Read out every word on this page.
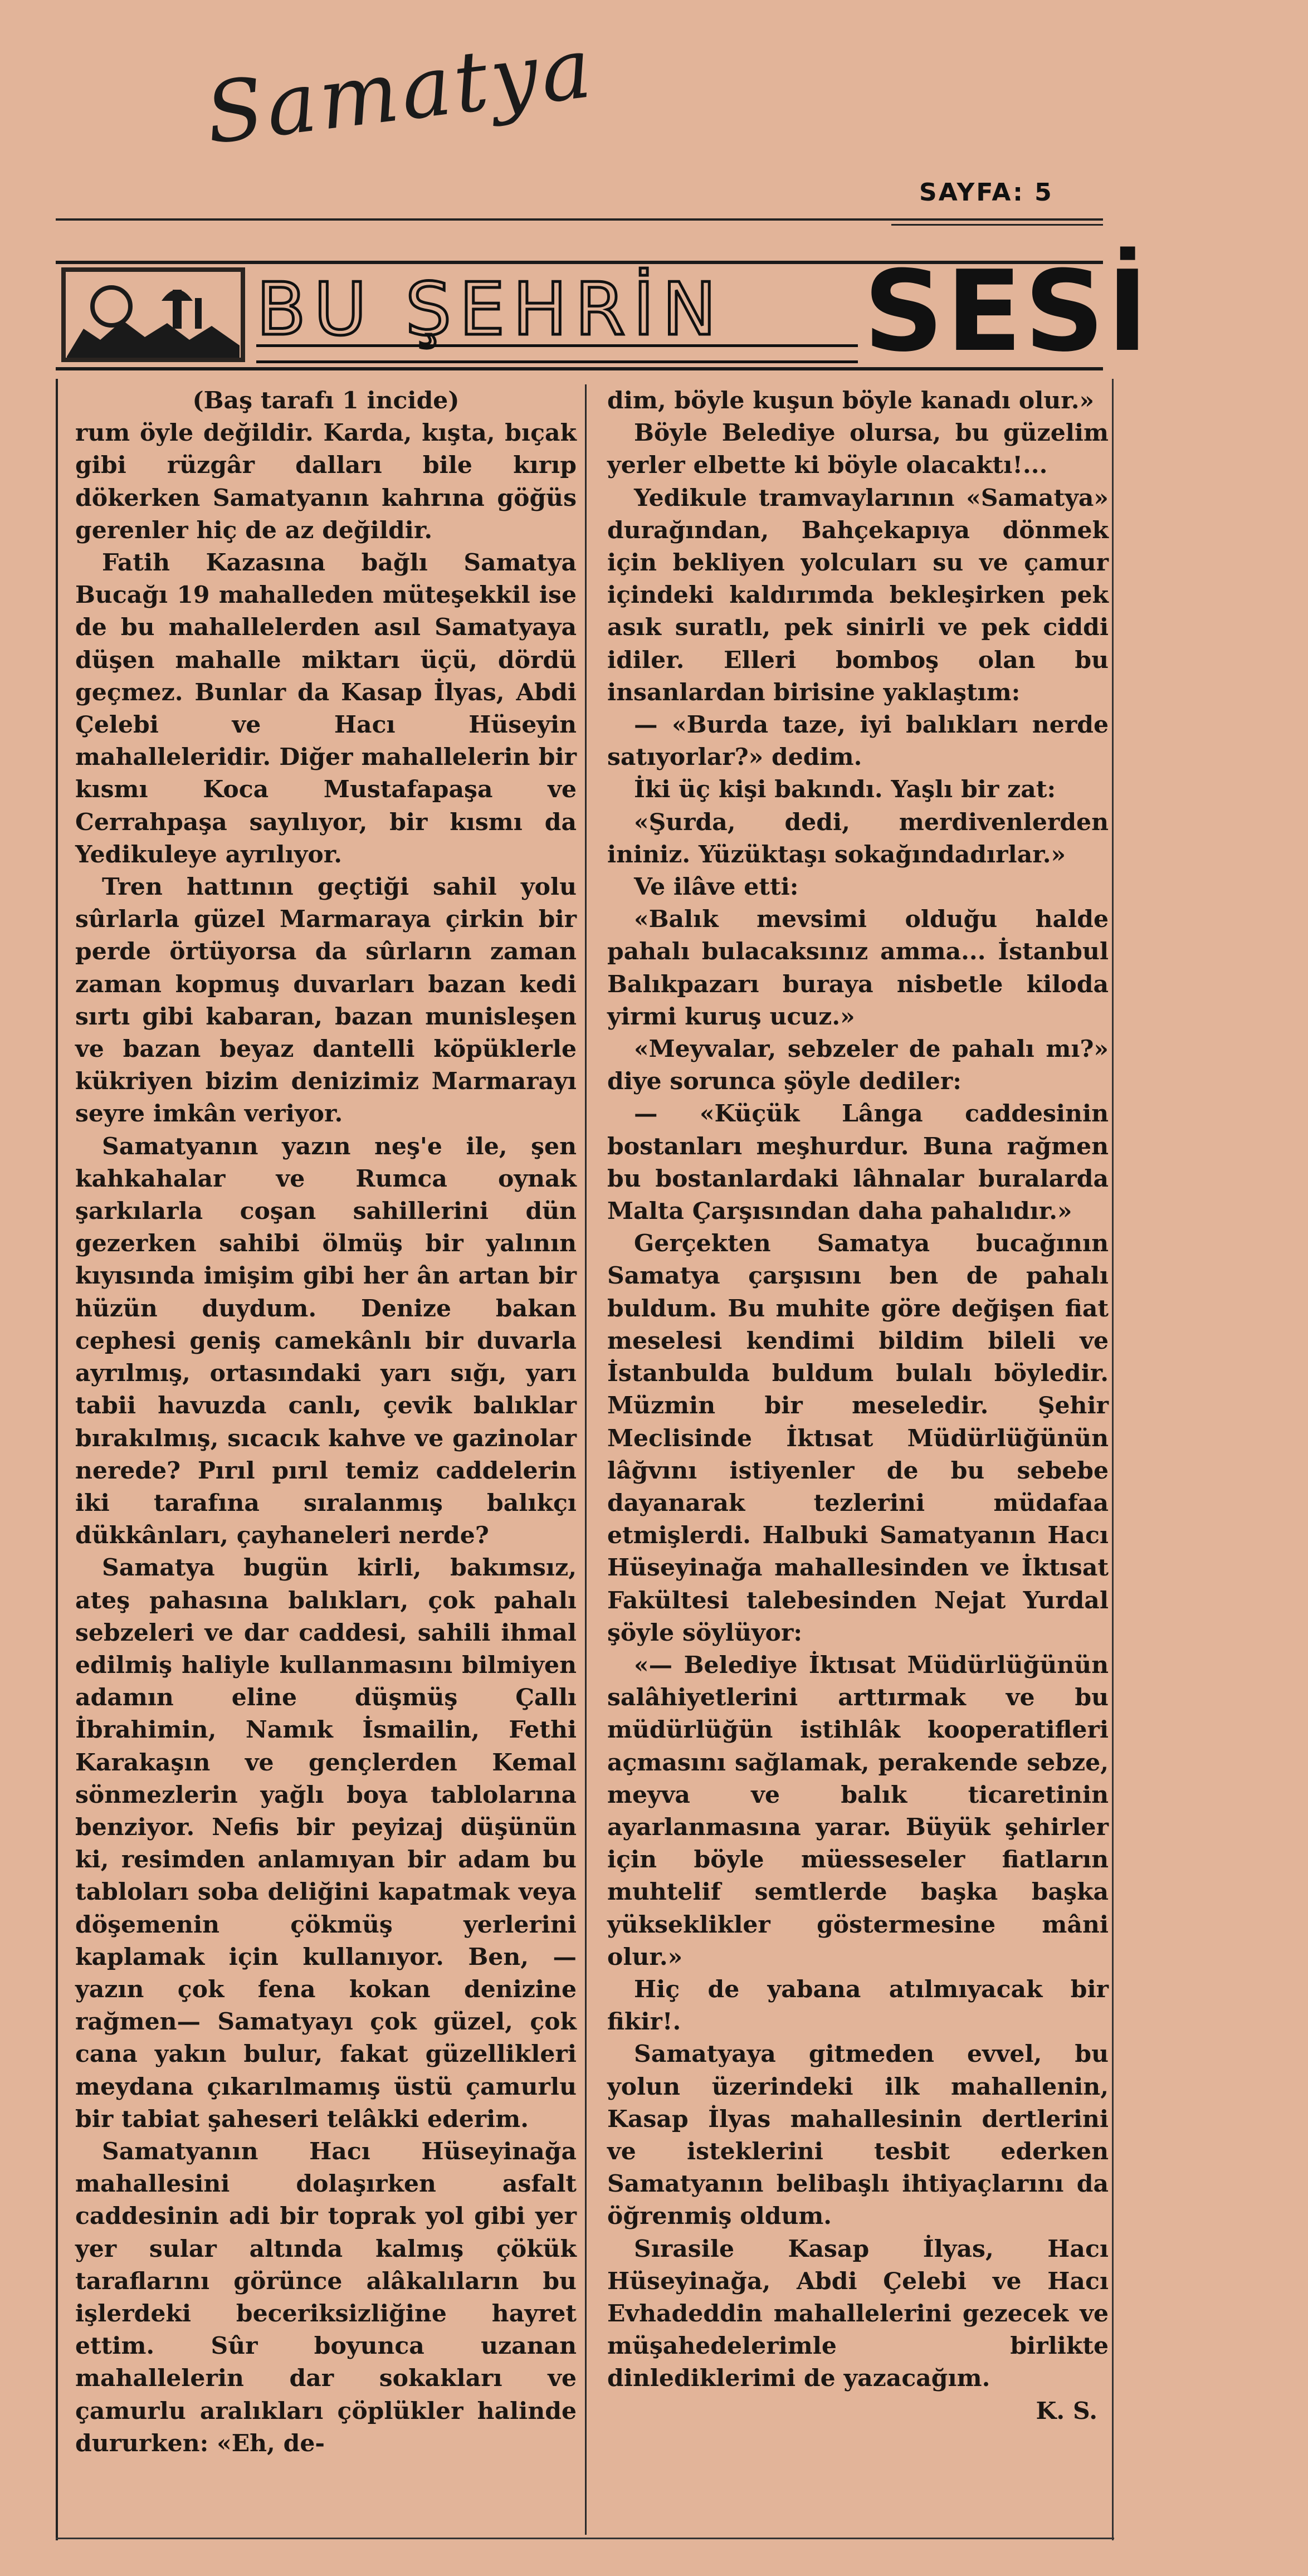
Samatya
SAYFA: 5
BU ŞEHRİN SESİ

(Baş tarafı 1 incide)

rum öyle değildir. Karda, kışta, bıçak gibi rüzgâr dalları bile kırıp dökerken Samatyanın kahrına göğüs gerenler hiç de az değildir.

Fatih Kazasına bağlı Samatya Bucağı 19 mahalleden müteşekkil ise de bu mahallelerden asıl Samatyaya düşen mahalle miktarı üçü, dördü geçmez. Bunlar da Kasap İlyas, Abdi Çelebi ve Hacı Hüseyin mahalleleridir. Diğer mahallelerin bir kısmı Koca Mustafapaşa ve Cerrahpaşa sayılıyor, bir kısmı da Yedikuleye ayrılıyor.

Tren hattının geçtiği sahil yolu sûrlarla güzel Marmaraya çirkin bir perde örtüyorsa da sûrların zaman zaman kopmuş duvarları bazan kedi sırtı gibi kabaran, bazan munisleşen ve bazan beyaz dantelli köpüklerle kükriyen bizim denizimiz Marmarayı seyre imkân veriyor.

Samatyanın yazın neş'e ile, şen kahkahalar ve Rumca oynak şarkılarla coşan sahillerini dün gezerken sahibi ölmüş bir yalının kıyısında imişim gibi her ân artan bir hüzün duydum. Denize bakan cephesi geniş camekânlı bir duvarla ayrılmış, ortasındaki yarı sığı, yarı tabii havuzda canlı, çevik balıklar bırakılmış, sıcacık kahve ve gazinolar nerede? Pırıl pırıl temiz caddelerin iki tarafına sıralanmış balıkçı dükkânları, çayhaneleri nerde?

Samatya bugün kirli, bakımsız, ateş pahasına balıkları, çok pahalı sebzeleri ve dar caddesi, sahili ihmal edilmiş haliyle kullanmasını bilmiyen adamın eline düşmüş Çallı İbrahimin, Namık İsmailin, Fethi Karakaşın ve gençlerden Kemal sönmezlerin yağlı boya tablolarına benziyor. Nefis bir peyizaj düşünün ki, resimden anlamıyan bir adam bu tabloları soba deliğini kapatmak veya döşemenin çökmüş yerlerini kaplamak için kullanıyor. Ben, —yazın çok fena kokan denizine rağmen— Samatyayı çok güzel, çok cana yakın bulur, fakat güzellikleri meydana çıkarılmamış üstü çamurlu bir tabiat şaheseri telâkki ederim.

Samatyanın Hacı Hüseyinağa mahallesini dolaşırken asfalt caddesinin adi bir toprak yol gibi yer yer sular altında kalmış çökük taraflarını görünce alâkalıların bu işlerdeki beceriksizliğine hayret ettim. Sûr boyunca uzanan mahallelerin dar sokakları ve çamurlu aralıkları çöplükler halinde dururken: «Eh, de-

dim, böyle kuşun böyle kanadı olur.»

Böyle Belediye olursa, bu güzelim yerler elbette ki böyle olacaktı!...

Yedikule tramvaylarının «Samatya» durağından, Bahçekapıya dönmek için bekliyen yolcuları su ve çamur içindeki kaldırımda bekleşirken pek asık suratlı, pek sinirli ve pek ciddi idiler. Elleri bomboş olan bu insanlardan birisine yaklaştım:

— «Burda taze, iyi balıkları nerde satıyorlar?» dedim.

İki üç kişi bakındı. Yaşlı bir zat:

«Şurda, dedi, merdivenlerden ininiz. Yüzüktaşı sokağındadırlar.»

Ve ilâve etti:

«Balık mevsimi olduğu halde pahalı bulacaksınız amma... İstanbul Balıkpazarı buraya nisbetle kiloda yirmi kuruş ucuz.»

«Meyvalar, sebzeler de pahalı mı?» diye sorunca şöyle dediler:

— «Küçük Lânga caddesinin bostanları meşhurdur. Buna rağmen bu bostanlardaki lâhnalar buralarda Malta Çarşısından daha pahalıdır.»

Gerçekten Samatya bucağının Samatya çarşısını ben de pahalı buldum. Bu muhite göre değişen fiat meselesi kendimi bildim bileli ve İstanbulda buldum bulalı böyledir. Müzmin bir meseledir. Şehir Meclisinde İktısat Müdürlüğünün lâğvını istiyenler de bu sebebe dayanarak tezlerini müdafaa etmişlerdi. Halbuki Samatyanın Hacı Hüseyinağa mahallesinden ve İktısat Fakültesi talebesinden Nejat Yurdal şöyle söylüyor:

«— Belediye İktısat Müdürlüğünün salâhiyetlerini arttırmak ve bu müdürlüğün istihlâk kooperatifleri açmasını sağlamak, perakende sebze, meyva ve balık ticaretinin ayarlanmasına yarar. Büyük şehirler için böyle müesseseler fiatların muhtelif semtlerde başka başka yükseklikler göstermesine mâni olur.»

Hiç de yabana atılmıyacak bir fikir!.

Samatyaya gitmeden evvel, bu yolun üzerindeki ilk mahallenin, Kasap İlyas mahallesinin dertlerini ve isteklerini tesbit ederken Samatyanın belibaşlı ihtiyaçlarını da öğrenmiş oldum.

Sırasile Kasap İlyas, Hacı Hüseyinağa, Abdi Çelebi ve Hacı Evhadeddin mahallelerini gezecek ve müşahedelerimle birlikte dinlediklerimi de yazacağım.

K. S.
